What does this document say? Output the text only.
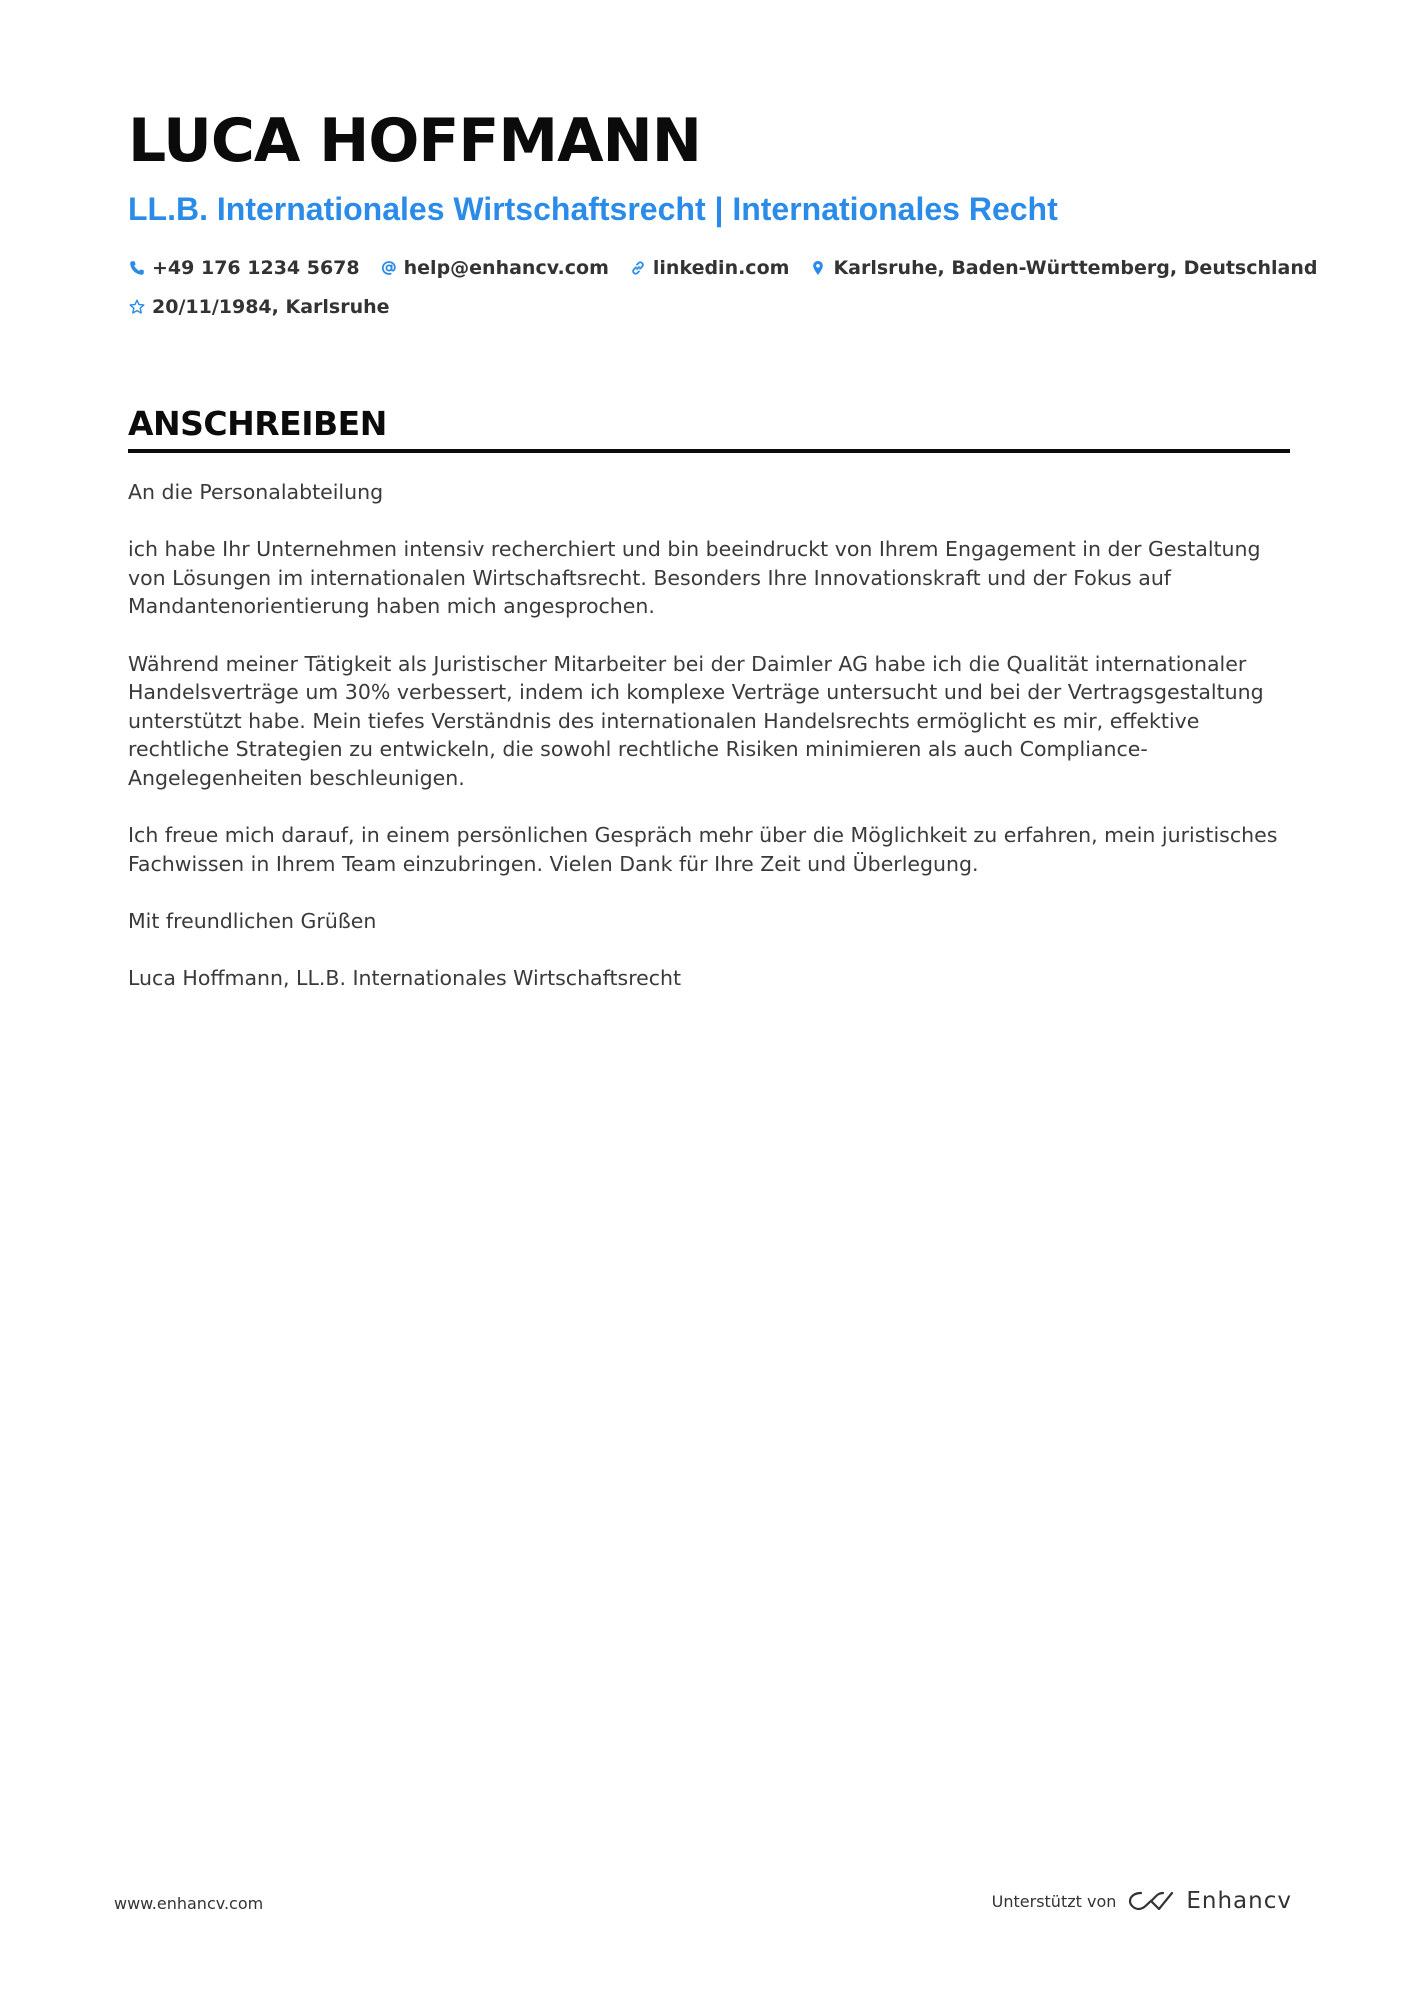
LUCA HOFFMANN
LL.B. Internationales Wirtschaftsrecht | Internationales Recht
+49 176 1234 5678 help@enhancv.com linkedin.com Karlsruhe, Baden-Württemberg, Deutschland
20/11/1984, Karlsruhe
ANSCHREIBEN

An die Personalabteilung

ich habe Ihr Unternehmen intensiv recherchiert und bin beeindruckt von Ihrem Engagement in der Gestaltung von Lösungen im internationalen Wirtschaftsrecht. Besonders Ihre Innovationskraft und der Fokus auf Mandantenorientierung haben mich angesprochen.

Während meiner Tätigkeit als Juristischer Mitarbeiter bei der Daimler AG habe ich die Qualität internationaler Handelsverträge um 30% verbessert, indem ich komplexe Verträge untersucht und bei der Vertragsgestaltung unterstützt habe. Mein tiefes Verständnis des internationalen Handelsrechts ermöglicht es mir, effektive rechtliche Strategien zu entwickeln, die sowohl rechtliche Risiken minimieren als auch Compliance-Angelegenheiten beschleunigen.

Ich freue mich darauf, in einem persönlichen Gespräch mehr über die Möglichkeit zu erfahren, mein juristisches Fachwissen in Ihrem Team einzubringen. Vielen Dank für Ihre Zeit und Überlegung.

Mit freundlichen Grüßen

Luca Hoffmann, LL.B. Internationales Wirtschaftsrecht

www.enhancv.com	Unterstützt von	Enhancv
